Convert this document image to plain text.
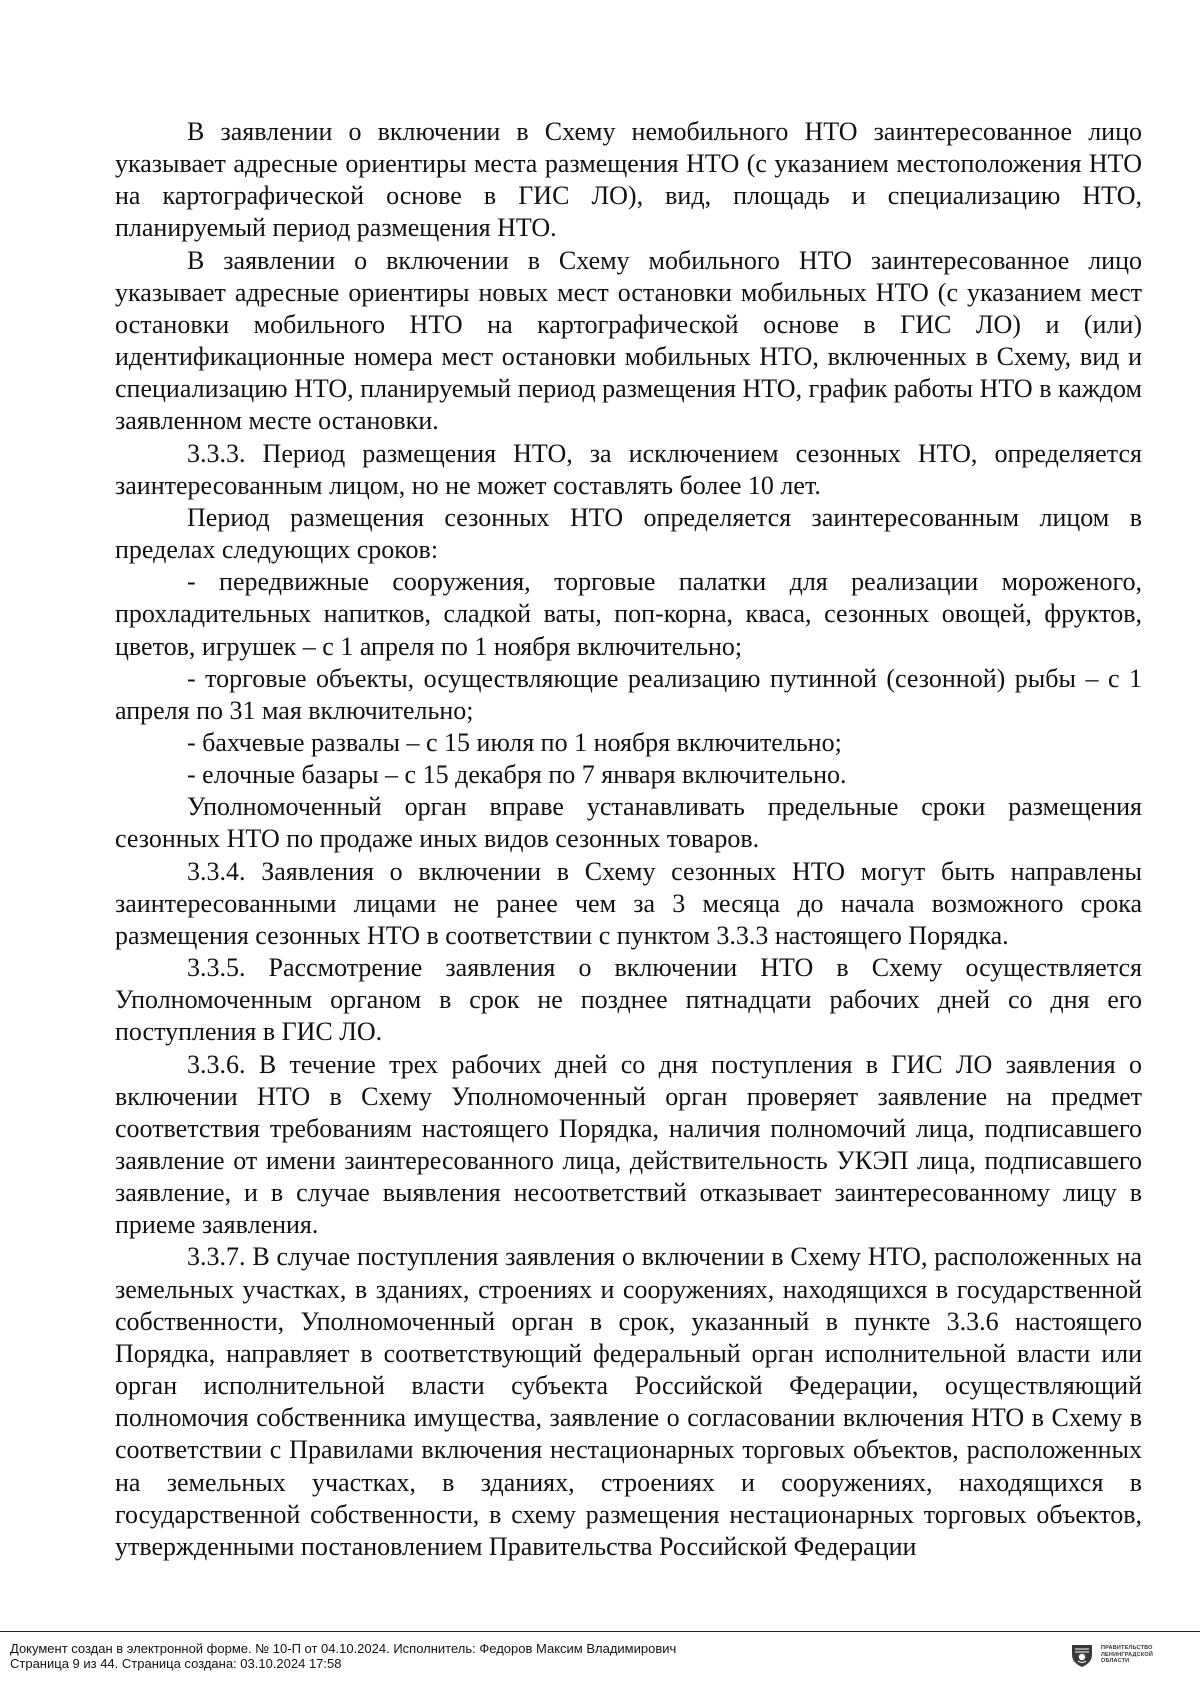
В заявлении о включении в Схему немобильного НТО заинтересованное лицо указывает адресные ориентиры места размещения НТО (с указанием местоположения НТО на картографической основе в ГИС ЛО), вид, площадь и специализацию НТО, планируемый период размещения НТО.

В заявлении о включении в Схему мобильного НТО заинтересованное лицо указывает адресные ориентиры новых мест остановки мобильных НТО (с указанием мест остановки мобильного НТО на картографической основе в ГИС ЛО) и (или) идентификационные номера мест остановки мобильных НТО, включенных в Схему, вид и специализацию НТО, планируемый период размещения НТО, график работы НТО в каждом заявленном месте остановки.

3.3.3. Период размещения НТО, за исключением сезонных НТО, определяется заинтересованным лицом, но не может составлять более 10 лет.

Период размещения сезонных НТО определяется заинтересованным лицом в пределах следующих сроков:

- передвижные сооружения, торговые палатки для реализации мороженого, прохладительных напитков, сладкой ваты, поп-корна, кваса, сезонных овощей, фруктов, цветов, игрушек – с 1 апреля по 1 ноября включительно;

- торговые объекты, осуществляющие реализацию путинной (сезонной) рыбы – с 1 апреля по 31 мая включительно;

- бахчевые развалы – с 15 июля по 1 ноября включительно;

- елочные базары – с 15 декабря по 7 января включительно.

Уполномоченный орган вправе устанавливать предельные сроки размещения сезонных НТО по продаже иных видов сезонных товаров.

3.3.4. Заявления о включении в Схему сезонных НТО могут быть направлены заинтересованными лицами не ранее чем за 3 месяца до начала возможного срока размещения сезонных НТО в соответствии с пунктом 3.3.3 настоящего Порядка.

3.3.5. Рассмотрение заявления о включении НТО в Схему осуществляется Уполномоченным органом в срок не позднее пятнадцати рабочих дней со дня его поступления в ГИС ЛО.

3.3.6. В течение трех рабочих дней со дня поступления в ГИС ЛО заявления о включении НТО в Схему Уполномоченный орган проверяет заявление на предмет соответствия требованиям настоящего Порядка, наличия полномочий лица, подписавшего заявление от имени заинтересованного лица, действительность УКЭП лица, подписавшего заявление, и в случае выявления несоответствий отказывает заинтересованному лицу в приеме заявления.

3.3.7. В случае поступления заявления о включении в Схему НТО, расположенных на земельных участках, в зданиях, строениях и сооружениях, находящихся в государственной собственности, Уполномоченный орган в срок, указанный в пункте 3.3.6 настоящего Порядка, направляет в соответствующий федеральный орган исполнительной власти или орган исполнительной власти субъекта Российской Федерации, осуществляющий полномочия собственника имущества, заявление о согласовании включения НТО в Схему в соответствии с Правилами включения нестационарных торговых объектов, расположенных на земельных участках, в зданиях, строениях и сооружениях, находящихся в государственной собственности, в схему размещения нестационарных торговых объектов, утвержденными постановлением Правительства Российской Федерации

Документ создан в электронной форме. № 10-П от 04.10.2024. Исполнитель: Федоров Максим Владимирович
Страница 9 из 44. Страница создана: 03.10.2024 17:58
ПРАВИТЕЛЬСТВО
ЛЕНИНГРАДСКОЙ
ОБЛАСТИ
